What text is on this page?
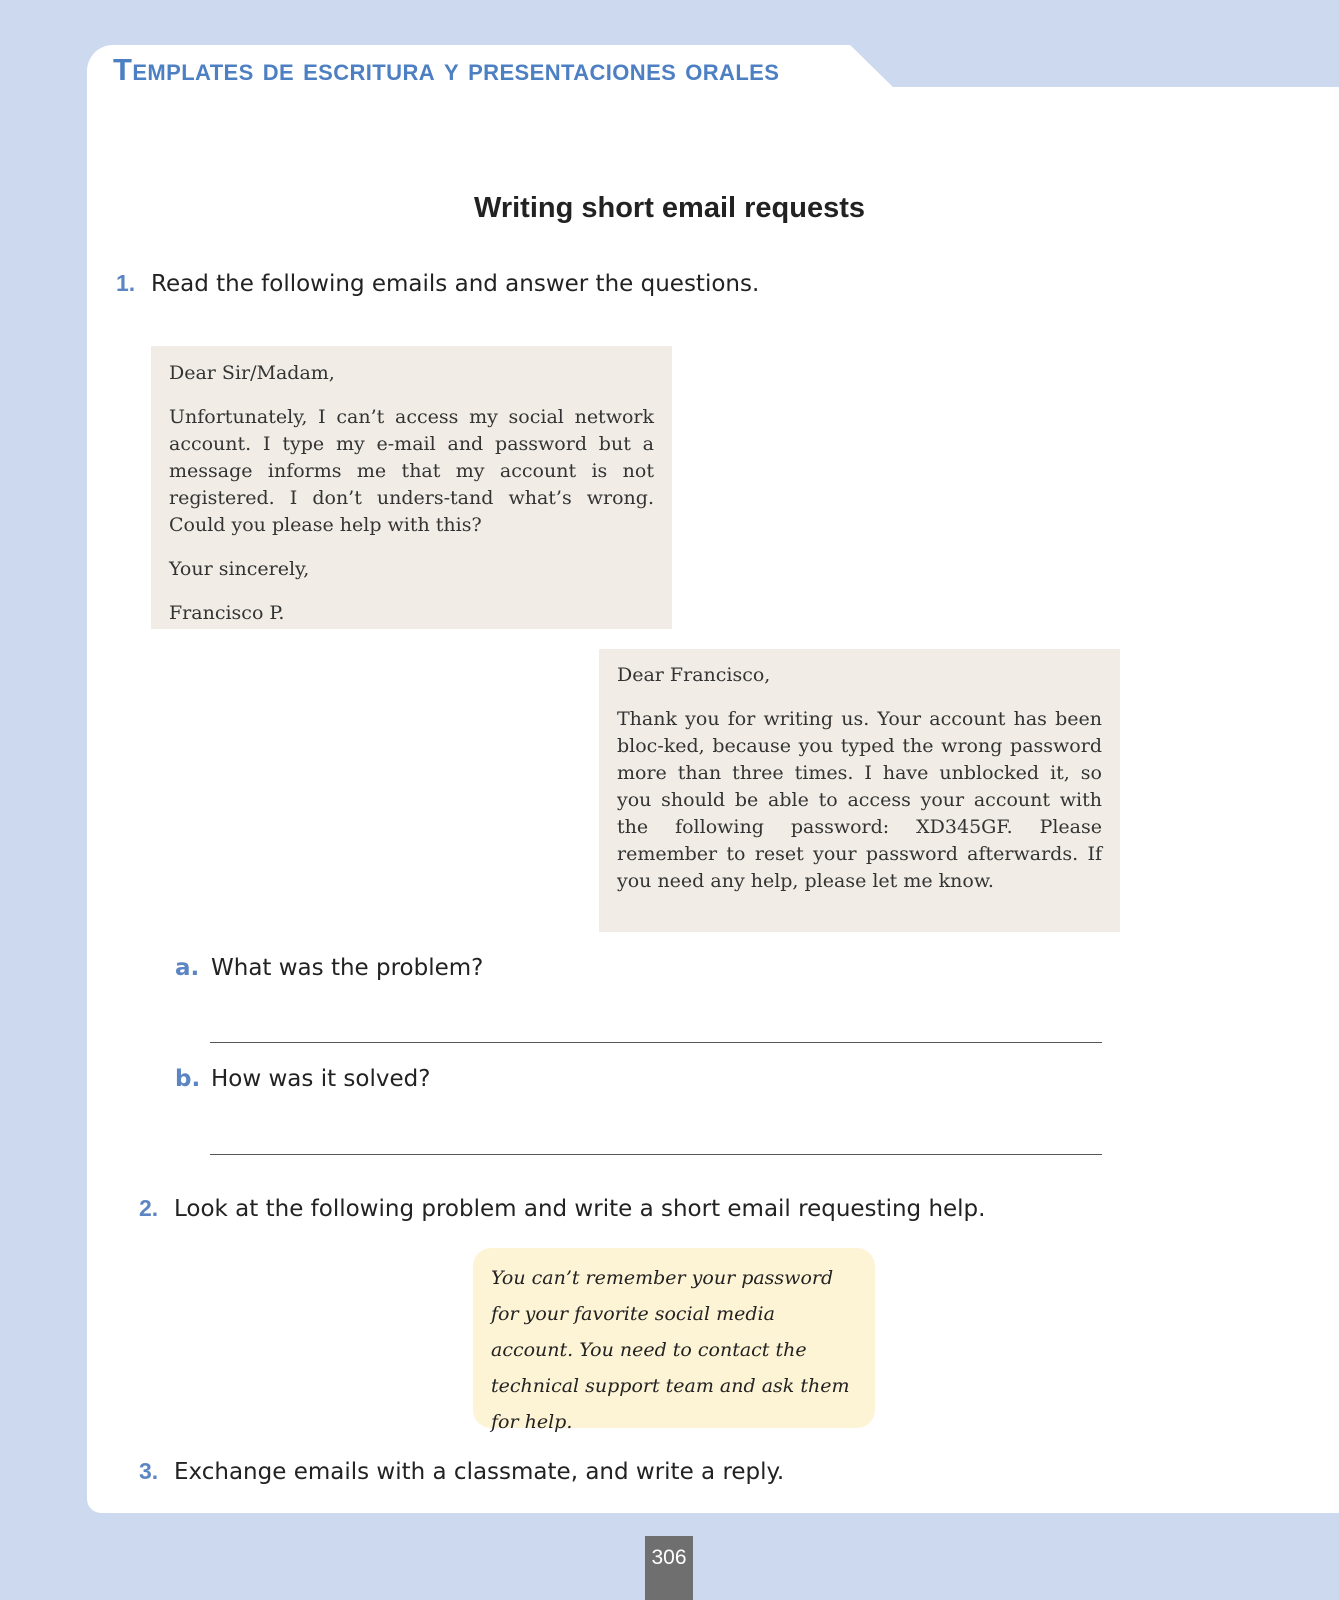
Templates de escritura y presentaciones orales
Writing short email requests
1. Read the following emails and answer the questions.

Dear Sir/Madam,

Unfortunately, I can’t access my social network account. I type my e-mail and password but a message informs me that my account is not registered. I don’t unders-tand what’s wrong. Could you please help with this?

Your sincerely,

Francisco P.

Dear Francisco,

Thank you for writing us. Your account has been bloc-ked, because you typed the wrong password more than three times. I have unblocked it, so you should be able to access your account with the following password: XD345GF. Please remember to reset your password afterwards. If you need any help, please let me know.

a. What was the problem?
b. How was it solved?
2. Look at the following problem and write a short email requesting help.
You can’t remember your password for your favorite social media account. You need to contact the technical support team and ask them for help.
3. Exchange emails with a classmate, and write a reply.
306
